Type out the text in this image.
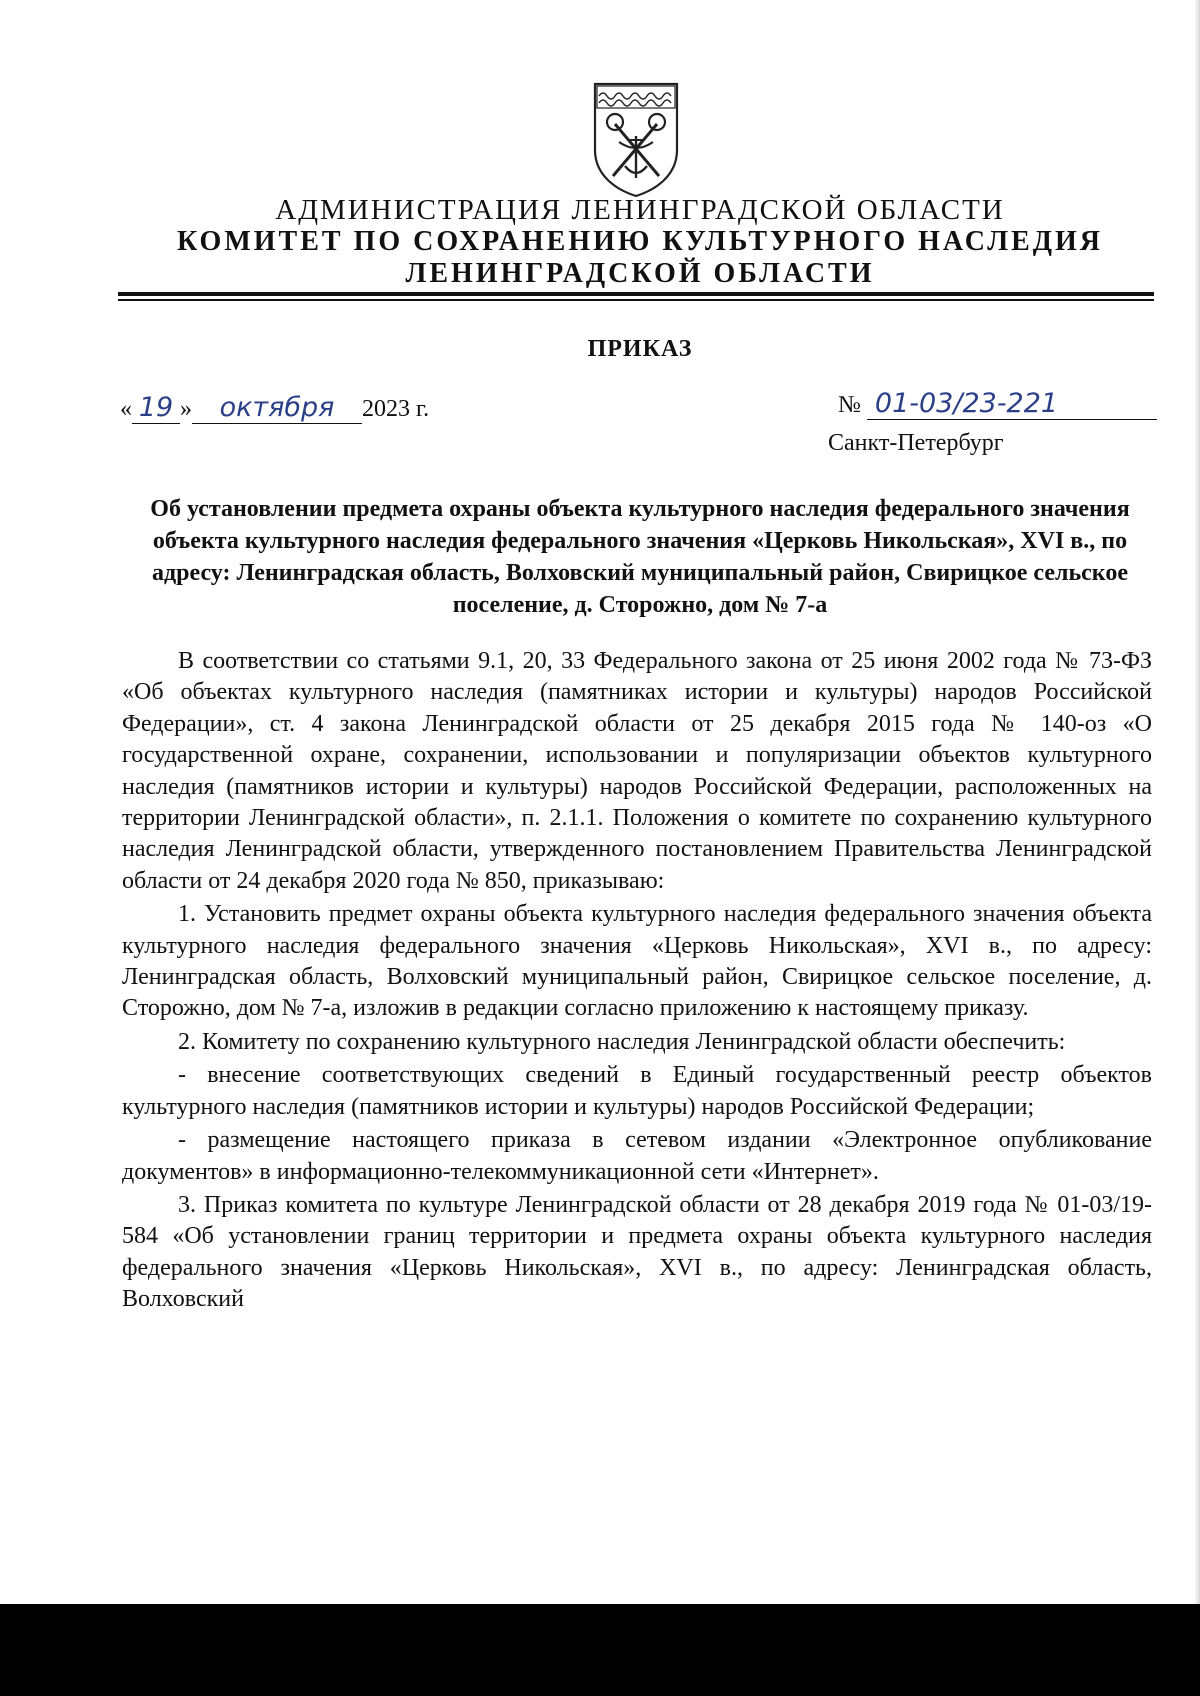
АДМИНИСТРАЦИЯ ЛЕНИНГРАДСКОЙ ОБЛАСТИ
КОМИТЕТ ПО СОХРАНЕНИЮ КУЛЬТУРНОГО НАСЛЕДИЯ
ЛЕНИНГРАДСКОЙ ОБЛАСТИ
ПРИКАЗ
« 19 » октября 2023 г.	№ 01-03/23-221
Санкт-Петербург
Об установлении предмета охраны объекта культурного наследия федерального значения объекта культурного наследия федерального значения «Церковь Никольская», XVI в., по адресу: Ленинградская область, Волховский муниципальный район, Свирицкое сельское поселение, д. Сторожно, дом № 7-а

В соответствии со статьями 9.1, 20, 33 Федерального закона от 25 июня 2002 года № 73-ФЗ «Об объектах культурного наследия (памятниках истории и культуры) народов Российской Федерации», ст. 4 закона Ленинградской области от 25 декабря 2015 года № 140-оз «О государственной охране, сохранении, использовании и популяризации объектов культурного наследия (памятников истории и культуры) народов Российской Федерации, расположенных на территории Ленинградской области», п. 2.1.1. Положения о комитете по сохранению культурного наследия Ленинградской области, утвержденного постановлением Правительства Ленинградской области от 24 декабря 2020 года № 850, приказываю:

1. Установить предмет охраны объекта культурного наследия федерального значения объекта культурного наследия федерального значения «Церковь Никольская», XVI в., по адресу: Ленинградская область, Волховский муниципальный район, Свирицкое сельское поселение, д. Сторожно, дом № 7-а, изложив в редакции согласно приложению к настоящему приказу.

2. Комитету по сохранению культурного наследия Ленинградской области обеспечить:

- внесение соответствующих сведений в Единый государственный реестр объектов культурного наследия (памятников истории и культуры) народов Российской Федерации;

- размещение настоящего приказа в сетевом издании «Электронное опубликование документов» в информационно-телекоммуникационной сети «Интернет».

3. Приказ комитета по культуре Ленинградской области от 28 декабря 2019 года № 01-03/19-584 «Об установлении границ территории и предмета охраны объекта культурного наследия федерального значения «Церковь Никольская», XVI в., по адресу: Ленинградская область, Волховский
